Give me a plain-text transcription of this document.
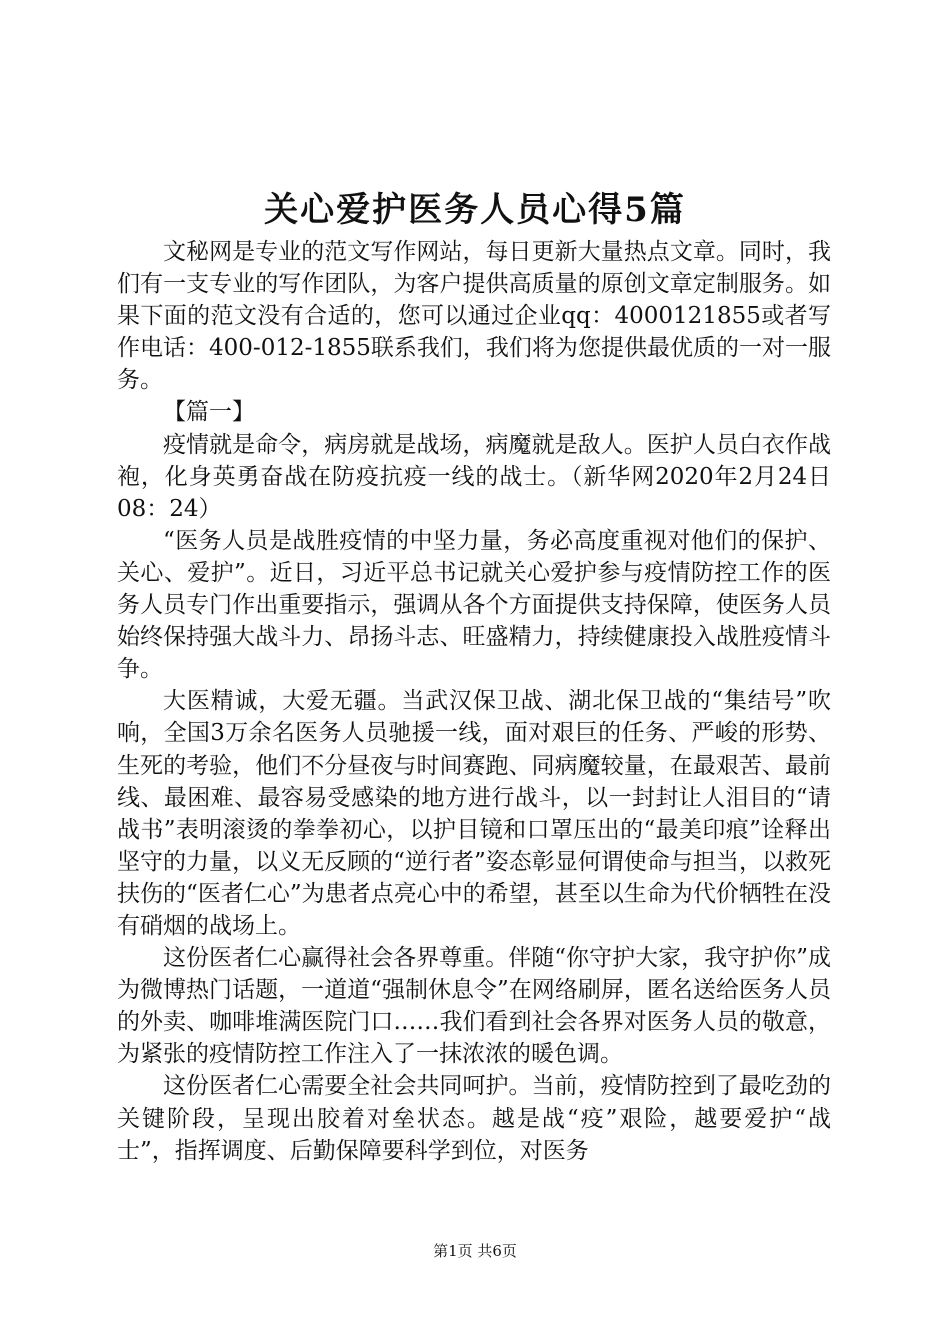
关心爱护医务人员心得5篇

文秘网是专业的范文写作网站，每日更新大量热点文章。同时，我们有一支专业的写作团队，为客户提供高质量的原创文章定制服务。如果下面的范文没有合适的，您可以通过企业qq：4000121855或者写作电话：400-012-1855联系我们，我们将为您提供最优质的一对一服务。

【篇一】

疫情就是命令，病房就是战场，病魔就是敌人。医护人员白衣作战袍，化身英勇奋战在防疫抗疫一线的战士。（新华网2020年2月24日08：24）

“医务人员是战胜疫情的中坚力量，务必高度重视对他们的保护、关心、爱护”。近日，习近平总书记就关心爱护参与疫情防控工作的医务人员专门作出重要指示，强调从各个方面提供支持保障，使医务人员始终保持强大战斗力、昂扬斗志、旺盛精力，持续健康投入战胜疫情斗争。

大医精诚，大爱无疆。当武汉保卫战、湖北保卫战的“集结号”吹响，全国3万余名医务人员驰援一线，面对艰巨的任务、严峻的形势、生死的考验，他们不分昼夜与时间赛跑、同病魔较量，在最艰苦、最前线、最困难、最容易受感染的地方进行战斗，以一封封让人泪目的“请战书”表明滚烫的拳拳初心，以护目镜和口罩压出的“最美印痕”诠释出坚守的力量，以义无反顾的“逆行者”姿态彰显何谓使命与担当，以救死扶伤的“医者仁心”为患者点亮心中的希望，甚至以生命为代价牺牲在没有硝烟的战场上。

这份医者仁心赢得社会各界尊重。伴随“你守护大家，我守护你”成为微博热门话题，一道道“强制休息令”在网络刷屏，匿名送给医务人员的外卖、咖啡堆满医院门口……我们看到社会各界对医务人员的敬意，为紧张的疫情防控工作注入了一抹浓浓的暖色调。

这份医者仁心需要全社会共同呵护。当前，疫情防控到了最吃劲的关键阶段，呈现出胶着对垒状态。越是战“疫”艰险，越要爱护“战士”，指挥调度、后勤保障要科学到位，对医务

第1页 共6页
